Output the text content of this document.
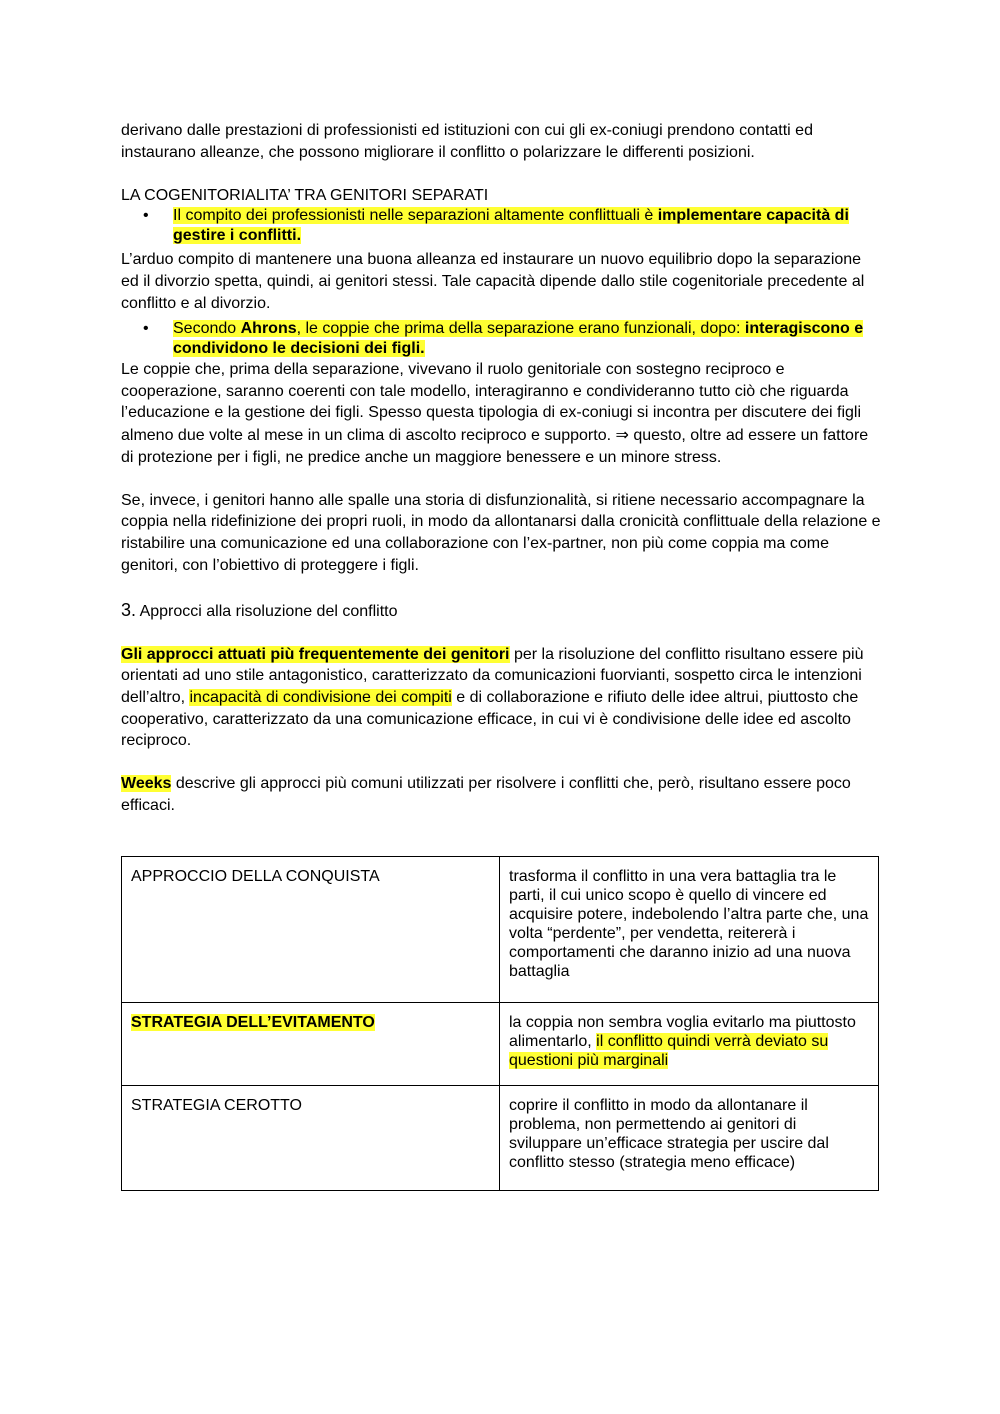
derivano dalle prestazioni di professionisti ed istituzioni con cui gli ex-coniugi prendono contatti ed

instaurano alleanze, che possono migliorare il conflitto o polarizzare le differenti posizioni.

LA COGENITORIALITA’ TRA GENITORI SEPARATI

• Il compito dei professionisti nelle separazioni altamente conflittuali è implementare capacità di gestire i conflitti.

L’arduo compito di mantenere una buona alleanza ed instaurare un nuovo equilibrio dopo la separazione ed il divorzio spetta, quindi, ai genitori stessi. Tale capacità dipende dallo stile cogenitoriale precedente al conflitto e al divorzio.

• Secondo Ahrons, le coppie che prima della separazione erano funzionali, dopo: interagiscono e condividono le decisioni dei figli.

Le coppie che, prima della separazione, vivevano il ruolo genitoriale con sostegno reciproco e cooperazione, saranno coerenti con tale modello, interagiranno e condivideranno tutto ciò che riguarda l’educazione e la gestione dei figli. Spesso questa tipologia di ex-coniugi si incontra per discutere dei figli almeno due volte al mese in un clima di ascolto reciproco e supporto. ⇒ questo, oltre ad essere un fattore di protezione per i figli, ne predice anche un maggiore benessere e un minore stress.

Se, invece, i genitori hanno alle spalle una storia di disfunzionalità, si ritiene necessario accompagnare la coppia nella ridefinizione dei propri ruoli, in modo da allontanarsi dalla cronicità conflittuale della relazione e ristabilire una comunicazione ed una collaborazione con l’ex-partner, non più come coppia ma come genitori, con l’obiettivo di proteggere i figli.

3. Approcci alla risoluzione del conflitto

Gli approcci attuati più frequentemente dei genitori per la risoluzione del conflitto risultano essere più orientati ad uno stile antagonistico, caratterizzato da comunicazioni fuorvianti, sospetto circa le intenzioni dell’altro, incapacità di condivisione dei compiti e di collaborazione e rifiuto delle idee altrui, piuttosto che cooperativo, caratterizzato da una comunicazione efficace, in cui vi è condivisione delle idee ed ascolto reciproco.

Weeks descrive gli approcci più comuni utilizzati per risolvere i conflitti che, però, risultano essere poco efficaci.

APPROCCIO DELLA CONQUISTA	trasforma il conflitto in una vera battaglia tra le parti, il cui unico scopo è quello di vincere ed acquisire potere, indebolendo l’altra parte che, una volta “perdente”, per vendetta, reitererà i comportamenti che daranno inizio ad una nuova battaglia
STRATEGIA DELL’EVITAMENTO	la coppia non sembra voglia evitarlo ma piuttosto alimentarlo, il conflitto quindi verrà deviato su questioni più marginali
STRATEGIA CEROTTO	coprire il conflitto in modo da allontanare il problema, non permettendo ai genitori di sviluppare un’efficace strategia per uscire dal conflitto stesso (strategia meno efficace)
